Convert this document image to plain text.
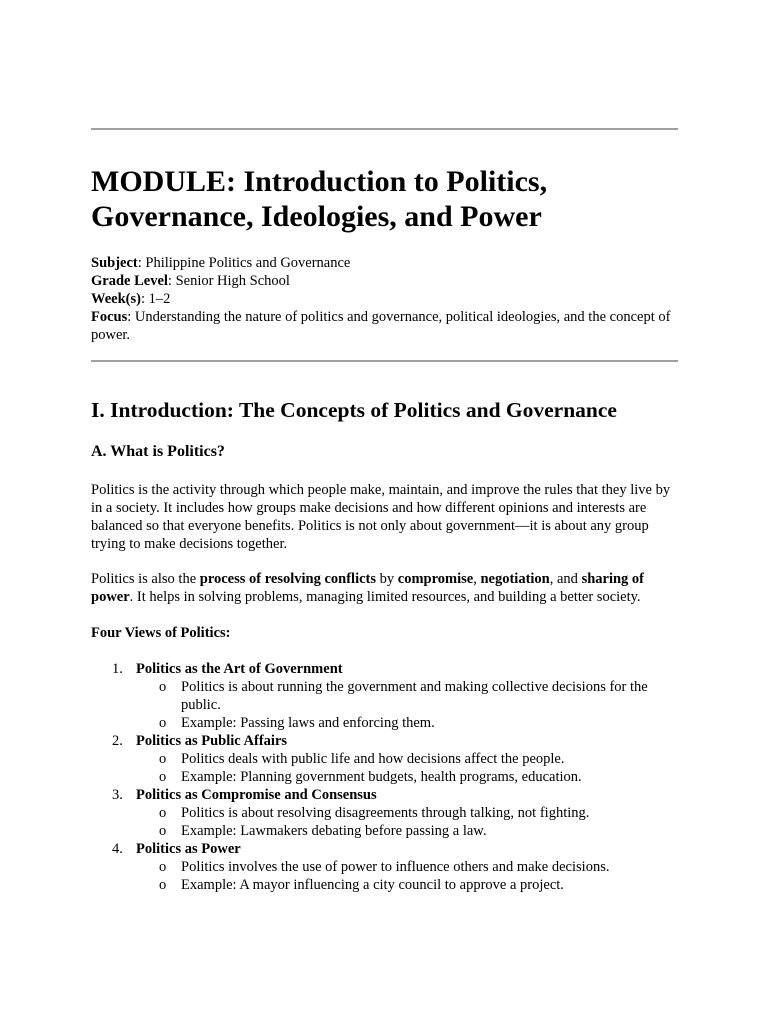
MODULE: Introduction to Politics, Governance, Ideologies, and Power

Subject: Philippine Politics and Governance

Grade Level: Senior High School

Week(s): 1–2

Focus: Understanding the nature of politics and governance, political ideologies, and the concept of power.

I. Introduction: The Concepts of Politics and Governance
A. What is Politics?

Politics is the activity through which people make, maintain, and improve the rules that they live by in a society. It includes how groups make decisions and how different opinions and interests are balanced so that everyone benefits. Politics is not only about government—it is about any group trying to make decisions together.

Politics is also the process of resolving conflicts by compromise, negotiation, and sharing of power. It helps in solving problems, managing limited resources, and building a better society.

Four Views of Politics:

1. Politics as the Art of Government
o Politics is about running the government and making collective decisions for the public.
o Example: Passing laws and enforcing them.
2. Politics as Public Affairs
o Politics deals with public life and how decisions affect the people.
o Example: Planning government budgets, health programs, education.
3. Politics as Compromise and Consensus
o Politics is about resolving disagreements through talking, not fighting.
o Example: Lawmakers debating before passing a law.
4. Politics as Power
o Politics involves the use of power to influence others and make decisions.
o Example: A mayor influencing a city council to approve a project.
